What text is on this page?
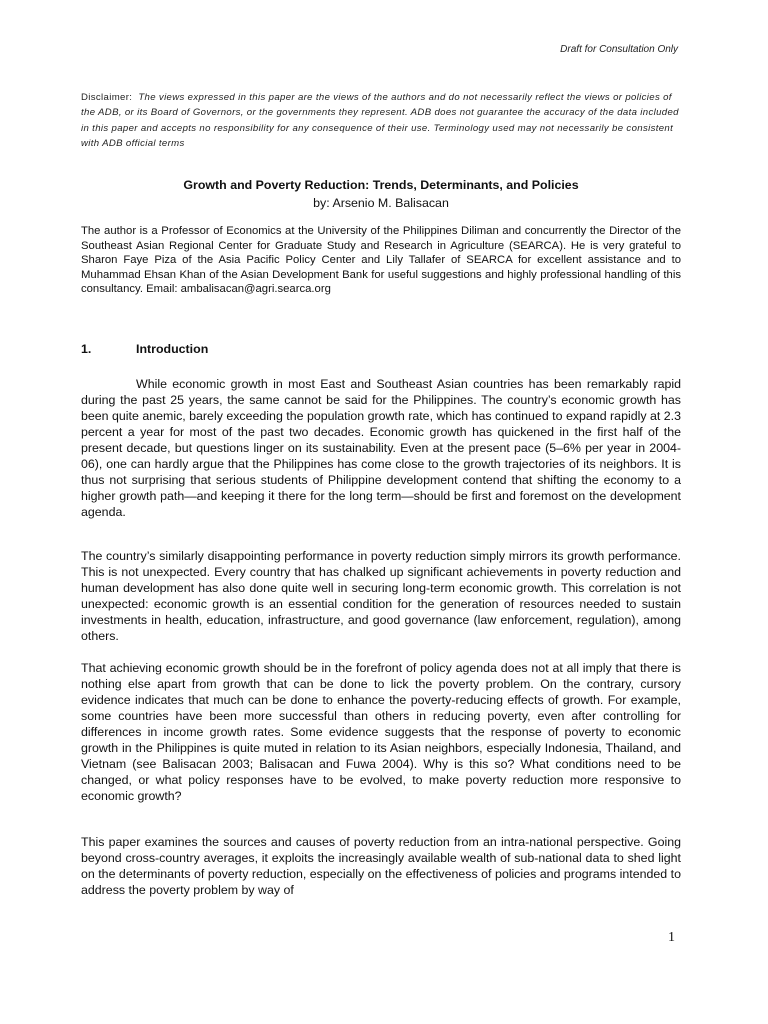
Draft for Consultation Only
Disclaimer: The views expressed in this paper are the views of the authors and do not necessarily reflect the views or policies of the ADB, or its Board of Governors, or the governments they represent. ADB does not guarantee the accuracy of the data included in this paper and accepts no responsibility for any consequence of their use. Terminology used may not necessarily be consistent with ADB official terms
Growth and Poverty Reduction: Trends, Determinants, and Policies
by: Arsenio M. Balisacan
The author is a Professor of Economics at the University of the Philippines Diliman and concurrently the Director of the Southeast Asian Regional Center for Graduate Study and Research in Agriculture (SEARCA). He is very grateful to Sharon Faye Piza of the Asia Pacific Policy Center and Lily Tallafer of SEARCA for excellent assistance and to Muhammad Ehsan Khan of the Asian Development Bank for useful suggestions and highly professional handling of this consultancy. Email: ambalisacan@agri.searca.org
1.	Introduction

While economic growth in most East and Southeast Asian countries has been remarkably rapid during the past 25 years, the same cannot be said for the Philippines. The country’s economic growth has been quite anemic, barely exceeding the population growth rate, which has continued to expand rapidly at 2.3 percent a year for most of the past two decades. Economic growth has quickened in the first half of the present decade, but questions linger on its sustainability. Even at the present pace (5–6% per year in 2004-06), one can hardly argue that the Philippines has come close to the growth trajectories of its neighbors. It is thus not surprising that serious students of Philippine development contend that shifting the economy to a higher growth path—and keeping it there for the long term—should be first and foremost on the development agenda.

The country’s similarly disappointing performance in poverty reduction simply mirrors its growth performance. This is not unexpected. Every country that has chalked up significant achievements in poverty reduction and human development has also done quite well in securing long-term economic growth. This correlation is not unexpected: economic growth is an essential condition for the generation of resources needed to sustain investments in health, education, infrastructure, and good governance (law enforcement, regulation), among others.

That achieving economic growth should be in the forefront of policy agenda does not at all imply that there is nothing else apart from growth that can be done to lick the poverty problem. On the contrary, cursory evidence indicates that much can be done to enhance the poverty-reducing effects of growth. For example, some countries have been more successful than others in reducing poverty, even after controlling for differences in income growth rates. Some evidence suggests that the response of poverty to economic growth in the Philippines is quite muted in relation to its Asian neighbors, especially Indonesia, Thailand, and Vietnam (see Balisacan 2003; Balisacan and Fuwa 2004). Why is this so? What conditions need to be changed, or what policy responses have to be evolved, to make poverty reduction more responsive to economic growth?

This paper examines the sources and causes of poverty reduction from an intra-national perspective. Going beyond cross-country averages, it exploits the increasingly available wealth of sub-national data to shed light on the determinants of poverty reduction, especially on the effectiveness of policies and programs intended to address the poverty problem by way of

1
